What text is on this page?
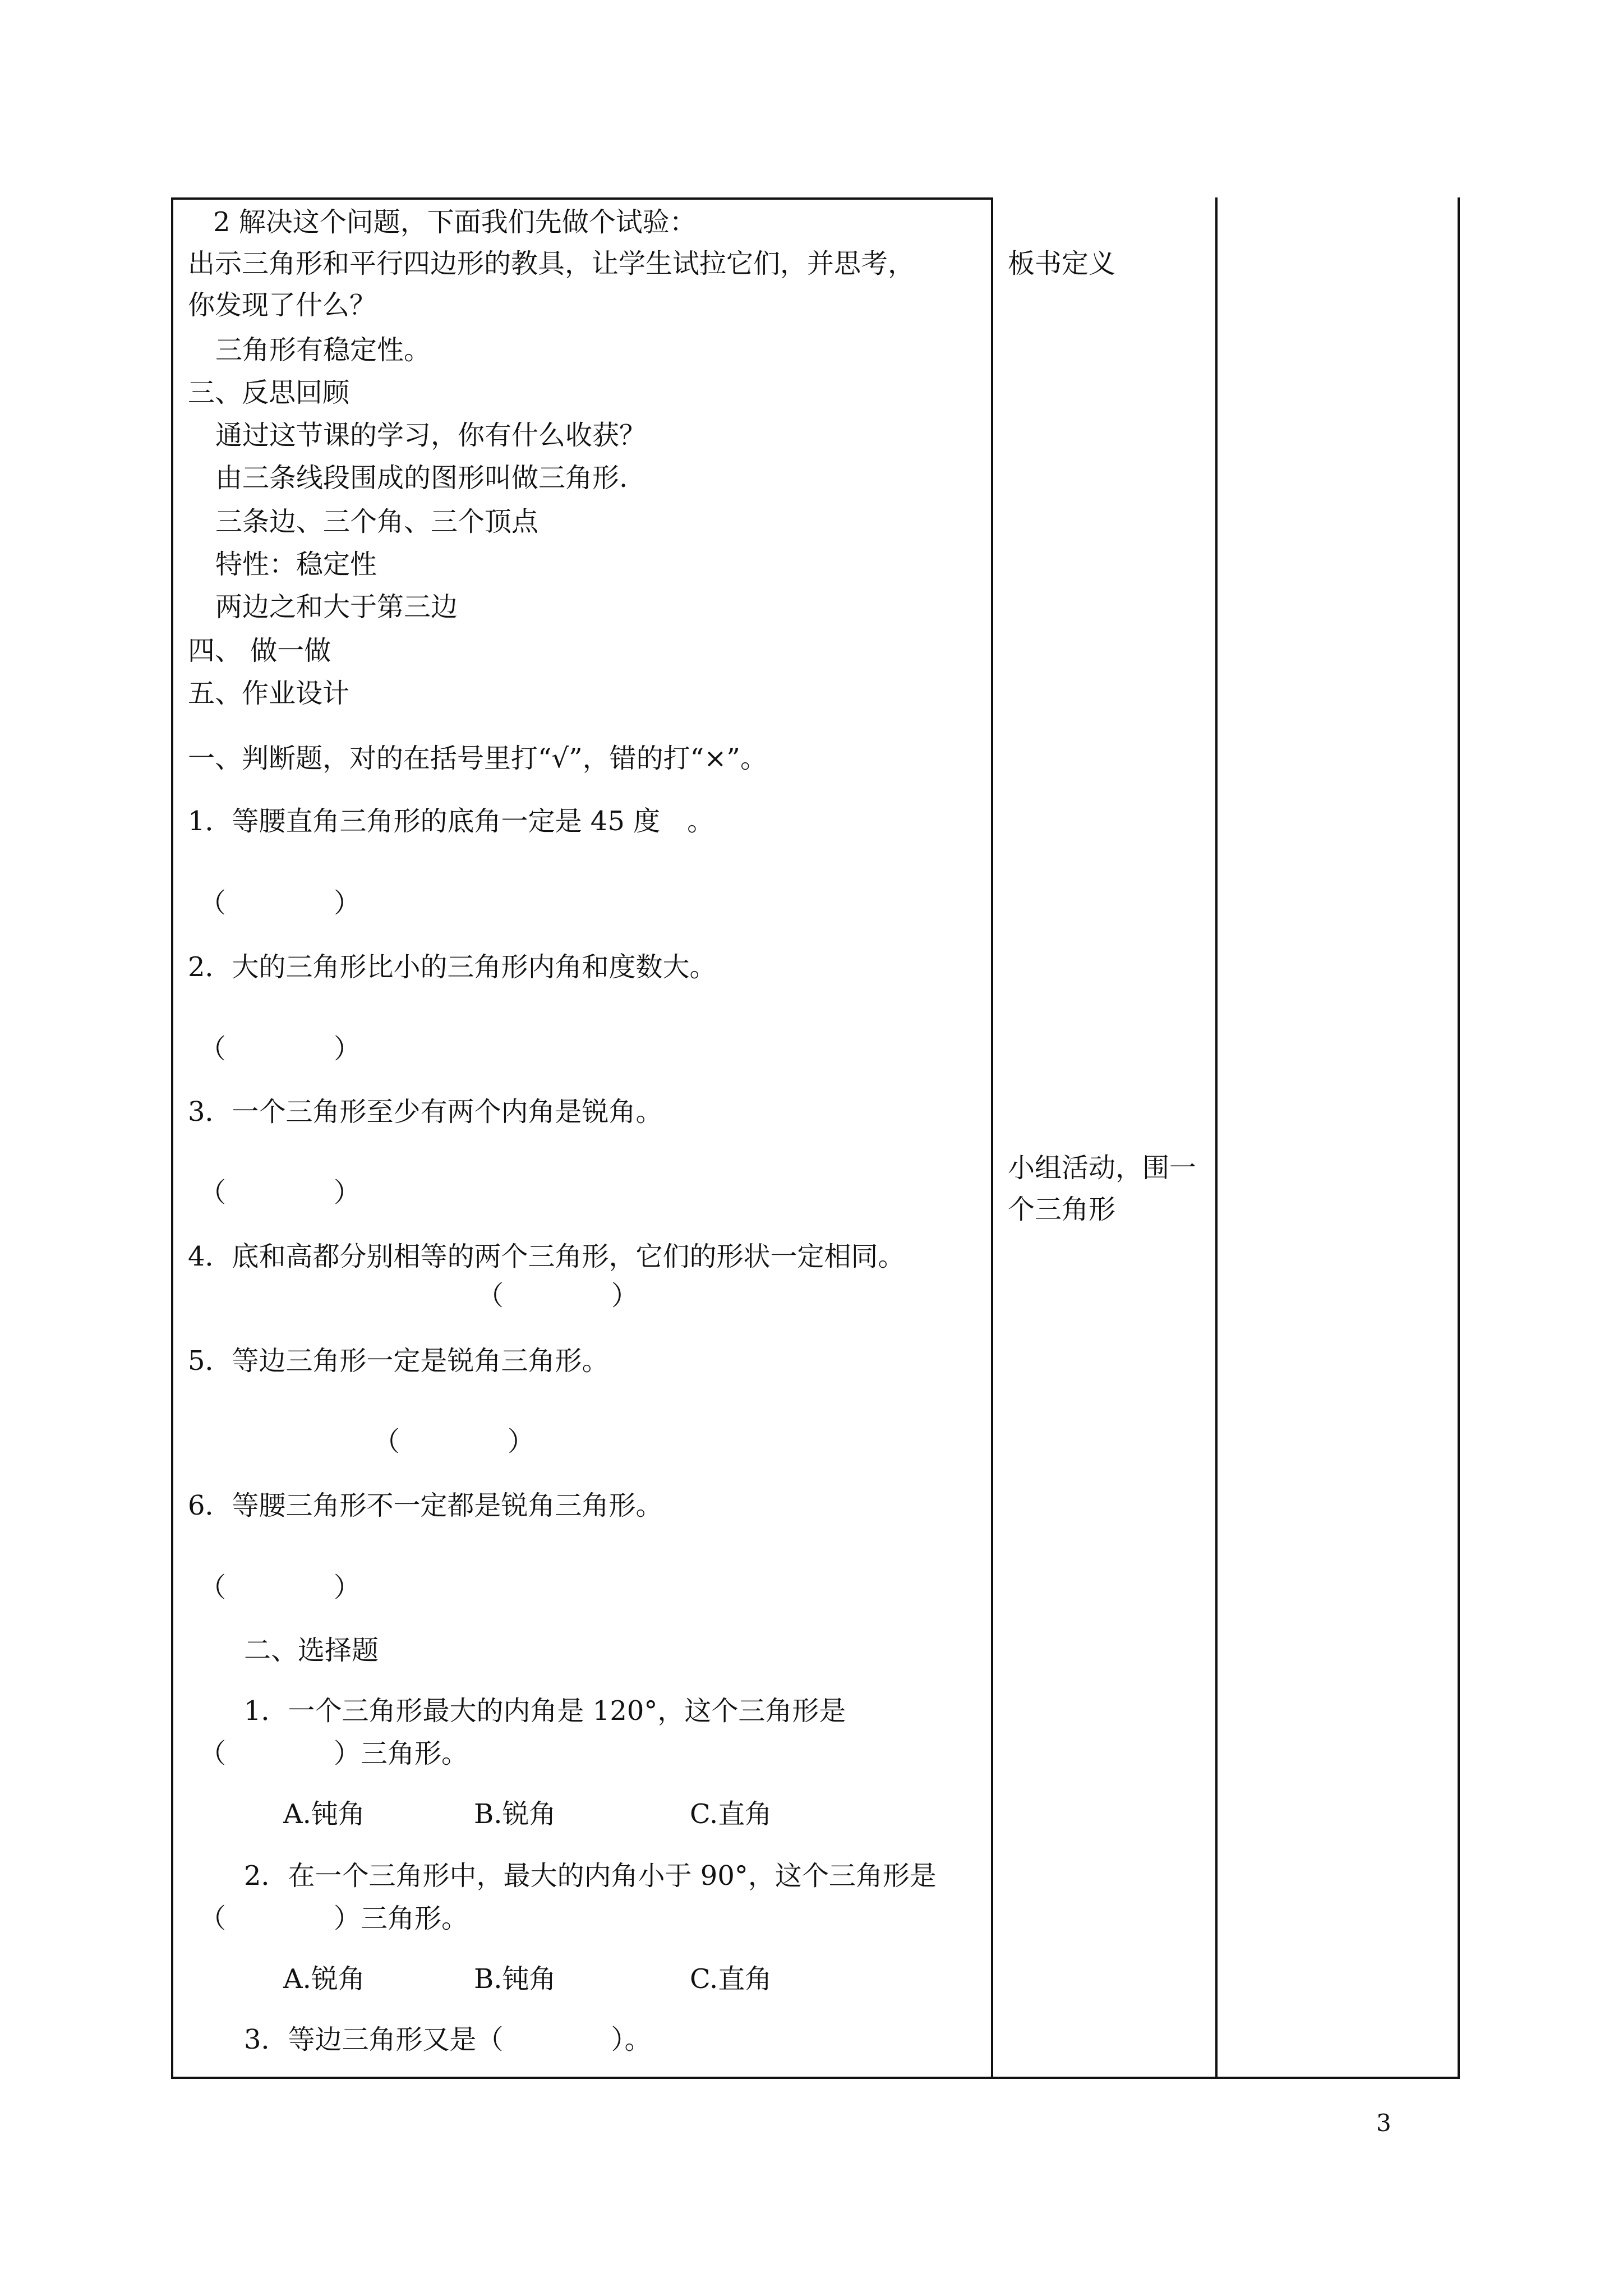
2 解决这个问题，下面我们先做个试验：
出示三角形和平行四边形的教具，让学生试拉它们，并思考，
你发现了什么？
三角形有稳定性。
三、反思回顾
通过这节课的学习，你有什么收获？
由三条线段围成的图形叫做三角形.
三条边、三个角、三个顶点
特性：稳定性
两边之和大于第三边
四、 做一做
五、作业设计
一、判断题，对的在括号里打“√”，错的打“×”。
1．等腰直角三角形的底角一定是 45 度　。
（　　　　）
2．大的三角形比小的三角形内角和度数大。
（　　　　）
3．一个三角形至少有两个内角是锐角。
（　　　　）
4．底和高都分别相等的两个三角形，它们的形状一定相同。
（　　　　）
5．等边三角形一定是锐角三角形。
（　　　　）
6．等腰三角形不一定都是锐角三角形。
（　　　　）
二、选择题
1．一个三角形最大的内角是 120°，这个三角形是
（　　　　）三角形。
A.钝角	B.锐角	C.直角
2．在一个三角形中，最大的内角小于 90°，这个三角形是
（　　　　）三角形。
A.锐角	B.钝角	C.直角
3．等边三角形又是（　　　　）。
板书定义
小组活动，围一
个三角形
3
